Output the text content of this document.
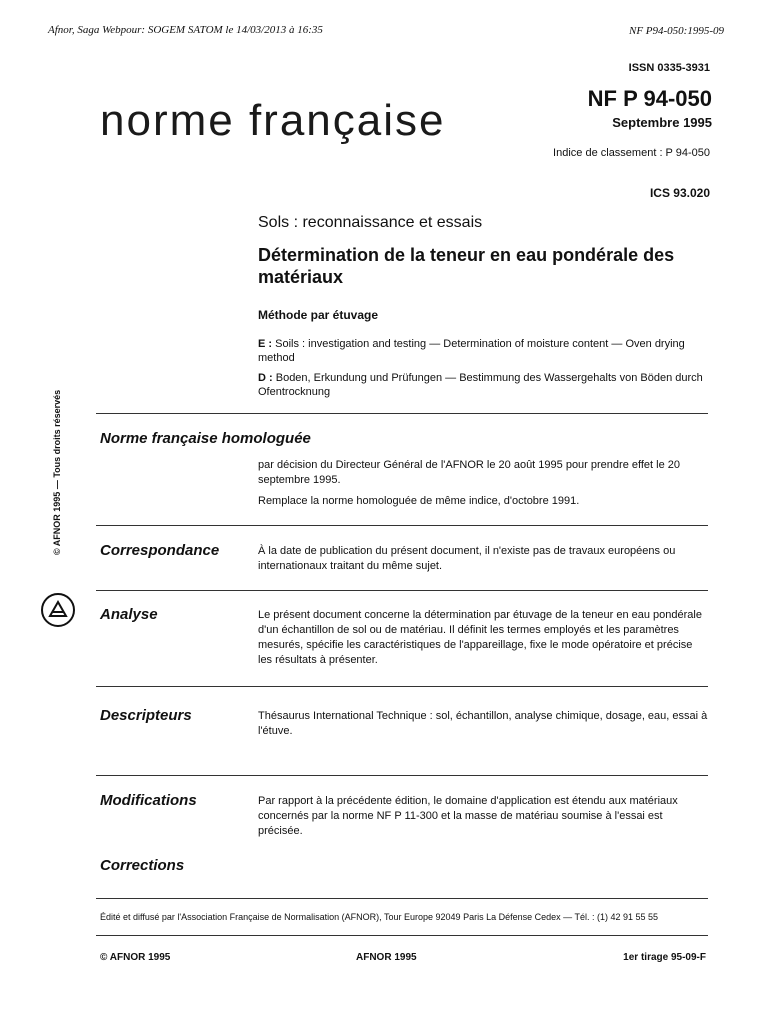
Afnor, Saga Webpour: SOGEM SATOM le 14/03/2013 à 16:35	NF P94-050:1995-09
ISSN 0335-3931
norme française	NF P 94-050
Septembre 1995
Indice de classement : P 94-050
ICS 93.020
Sols : reconnaissance et essais
Détermination de la teneur en eau pondérale des matériaux
Méthode par étuvage
E : Soils : investigation and testing — Determination of moisture content — Oven drying method
D : Boden, Erkundung und Prüfungen — Bestimmung des Wassergehalts von Böden durch Ofentrocknung
Norme française homologuée

par décision du Directeur Général de l'AFNOR le 20 août 1995 pour prendre effet le 20 septembre 1995.

Remplace la norme homologuée de même indice, d'octobre 1991.

Correspondance	À la date de publication du présent document, il n'existe pas de travaux européens ou internationaux traitant du même sujet.
Analyse	Le présent document concerne la détermination par étuvage de la teneur en eau pondérale d'un échantillon de sol ou de matériau. Il définit les termes employés et les paramètres mesurés, spécifie les caractéristiques de l'appareillage, fixe le mode opératoire et précise les résultats à présenter.
Descripteurs	Thésaurus International Technique : sol, échantillon, analyse chimique, dosage, eau, essai à l'étuve.
Modifications	Par rapport à la précédente édition, le domaine d'application est étendu aux matériaux concernés par la norme NF P 11-300 et la masse de matériau soumise à l'essai est précisée.
Corrections
Édité et diffusé par l'Association Française de Normalisation (AFNOR), Tour Europe 92049 Paris La Défense Cedex — Tél. : (1) 42 91 55 55
© AFNOR 1995	AFNOR 1995	1er tirage 95-09-F
© AFNOR 1995 — Tous droits réservés
